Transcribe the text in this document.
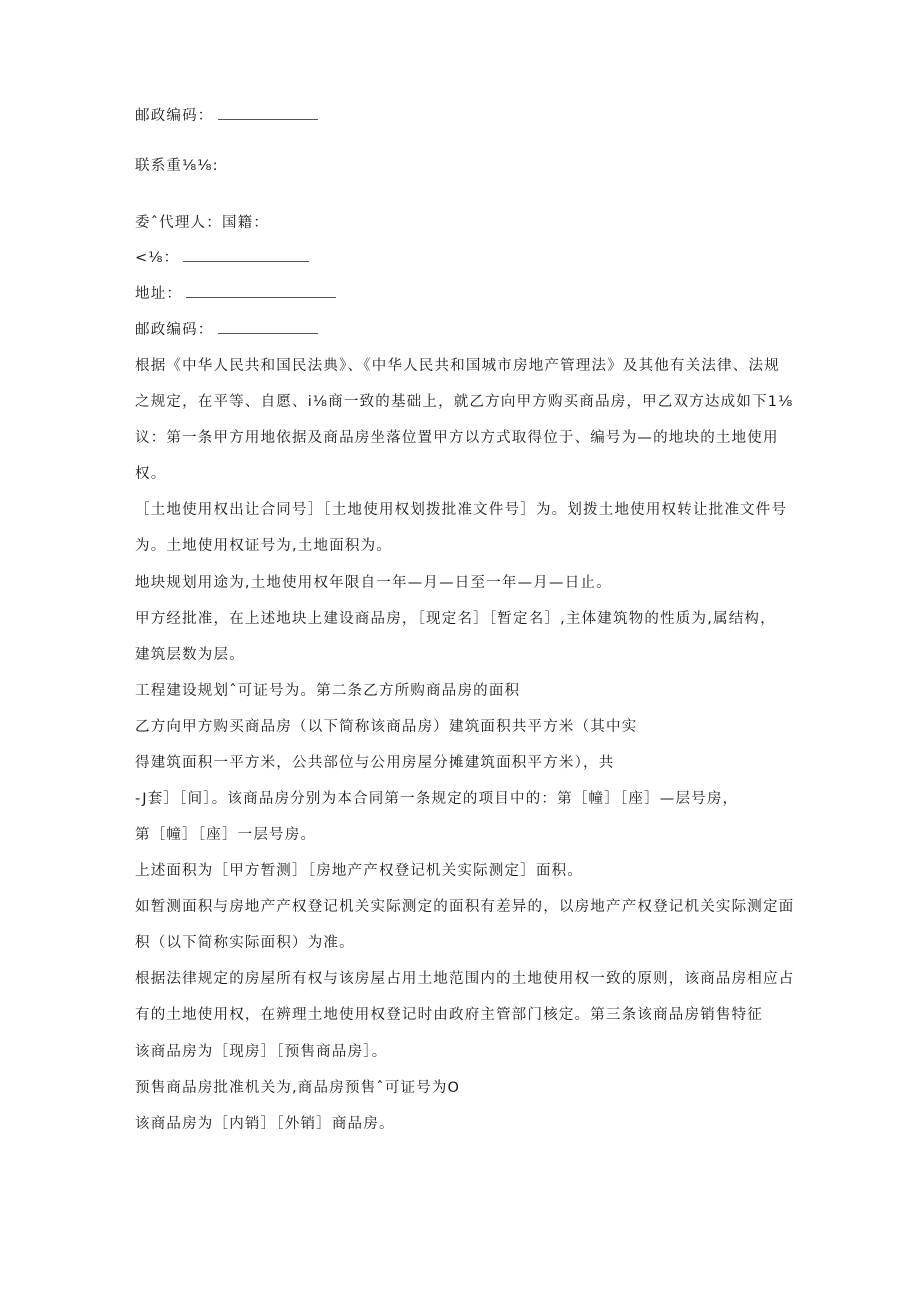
邮政编码：
联系重⅛⅛:
委ˆ代理人：国籍：
<⅛：
地址：
邮政编码：
根据《中华人民共和国民法典》、《中华人民共和国城市房地产管理法》及其他有关法律、法规
之规定，在平等、自愿、i⅛商一致的基础上，就乙方向甲方购买商品房，甲乙双方达成如下1⅛
议：第一条甲方用地依据及商品房坐落位置甲方以方式取得位于、编号为—的地块的土地使用
权。
［土地使用权出让合同号］［土地使用权划拨批准文件号］为。划拨土地使用权转让批准文件号
为。土地使用权证号为,土地面积为。
地块规划用途为,土地使用权年限自一年—月—日至一年—月—日止。
甲方经批准，在上述地块上建设商品房，［现定名］［暂定名］,主体建筑物的性质为,属结构，
建筑层数为层。
工程建设规划ˆ可证号为。第二条乙方所购商品房的面积
乙方向甲方购买商品房（以下简称该商品房）建筑面积共平方米（其中实
得建筑面积一平方米，公共部位与公用房屋分摊建筑面积平方米），共
-J套］［间］。该商品房分别为本合同第一条规定的项目中的：第［幢］［座］—层号房，
第［幢］［座］一层号房。
上述面积为［甲方暂测］［房地产产权登记机关实际测定］面积。
如暂测面积与房地产产权登记机关实际测定的面积有差异的，以房地产产权登记机关实际测定面
积（以下简称实际面积）为准。
根据法律规定的房屋所有权与该房屋占用土地范围内的土地使用权一致的原则，该商品房相应占
有的土地使用权，在辨理土地使用权登记时由政府主管部门核定。第三条该商品房销售特征
该商品房为［现房］［预售商品房］。
预售商品房批准机关为,商品房预售ˆ可证号为O
该商品房为［内销］［外销］商品房。
